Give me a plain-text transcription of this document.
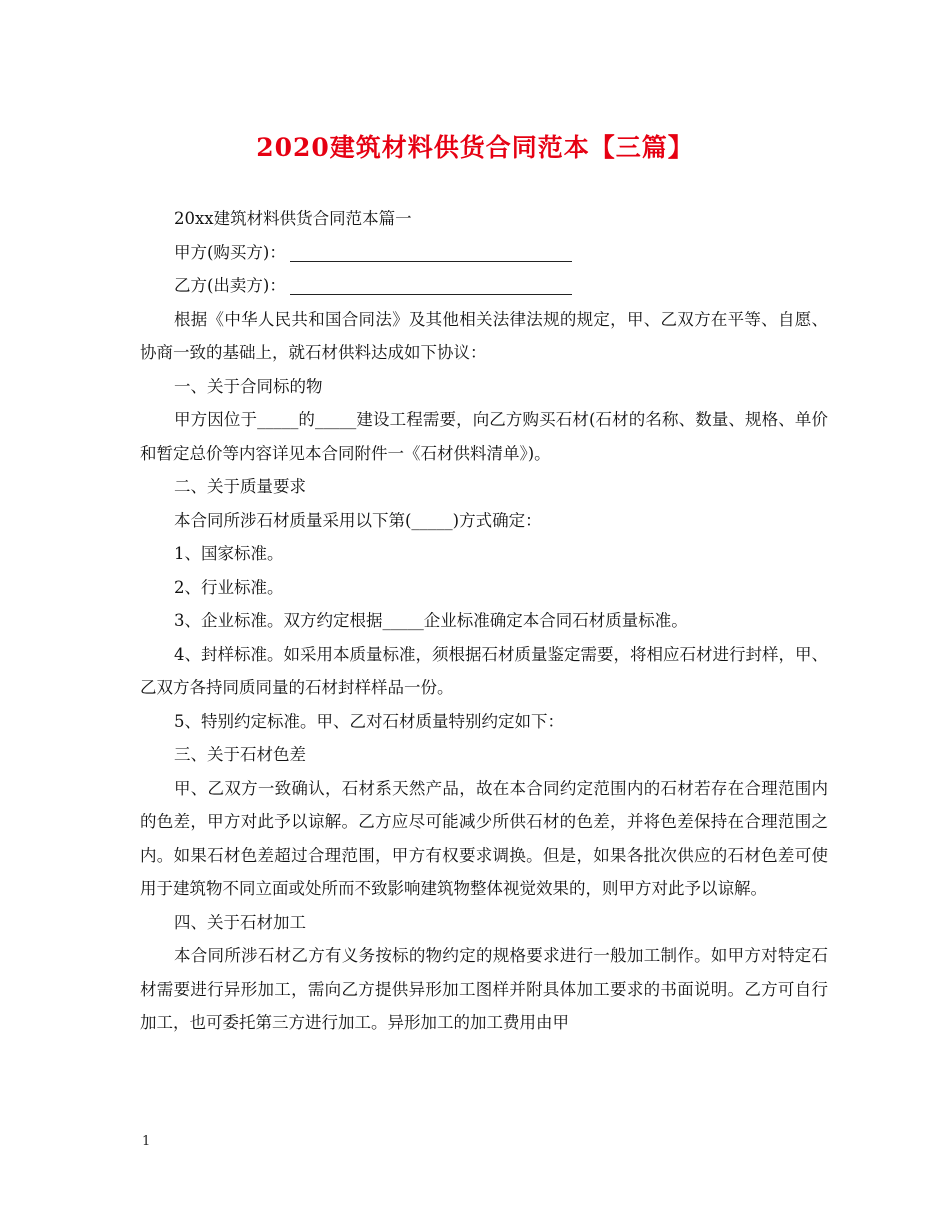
2020建筑材料供货合同范本【三篇】

20xx建筑材料供货合同范本篇一

甲方(购买方)：

乙方(出卖方)：

根据《中华人民共和国合同法》及其他相关法律法规的规定，甲、乙双方在平等、自愿、协商一致的基础上，就石材供料达成如下协议：

一、关于合同标的物

甲方因位于_____的_____建设工程需要，向乙方购买石材(石材的名称、数量、规格、单价和暂定总价等内容详见本合同附件一《石材供料清单》)。

二、关于质量要求

本合同所涉石材质量采用以下第(_____)方式确定：

1、国家标准。

2、行业标准。

3、企业标准。双方约定根据_____企业标准确定本合同石材质量标准。

4、封样标准。如采用本质量标准，须根据石材质量鉴定需要，将相应石材进行封样，甲、乙双方各持同质同量的石材封样样品一份。

5、特别约定标准。甲、乙对石材质量特别约定如下：

三、关于石材色差

甲、乙双方一致确认，石材系天然产品，故在本合同约定范围内的石材若存在合理范围内的色差，甲方对此予以谅解。乙方应尽可能减少所供石材的色差，并将色差保持在合理范围之内。如果石材色差超过合理范围，甲方有权要求调换。但是，如果各批次供应的石材色差可使用于建筑物不同立面或处所而不致影响建筑物整体视觉效果的，则甲方对此予以谅解。

四、关于石材加工

本合同所涉石材乙方有义务按标的物约定的规格要求进行一般加工制作。如甲方对特定石材需要进行异形加工，需向乙方提供异形加工图样并附具体加工要求的书面说明。乙方可自行加工，也可委托第三方进行加工。异形加工的加工费用由甲

1
